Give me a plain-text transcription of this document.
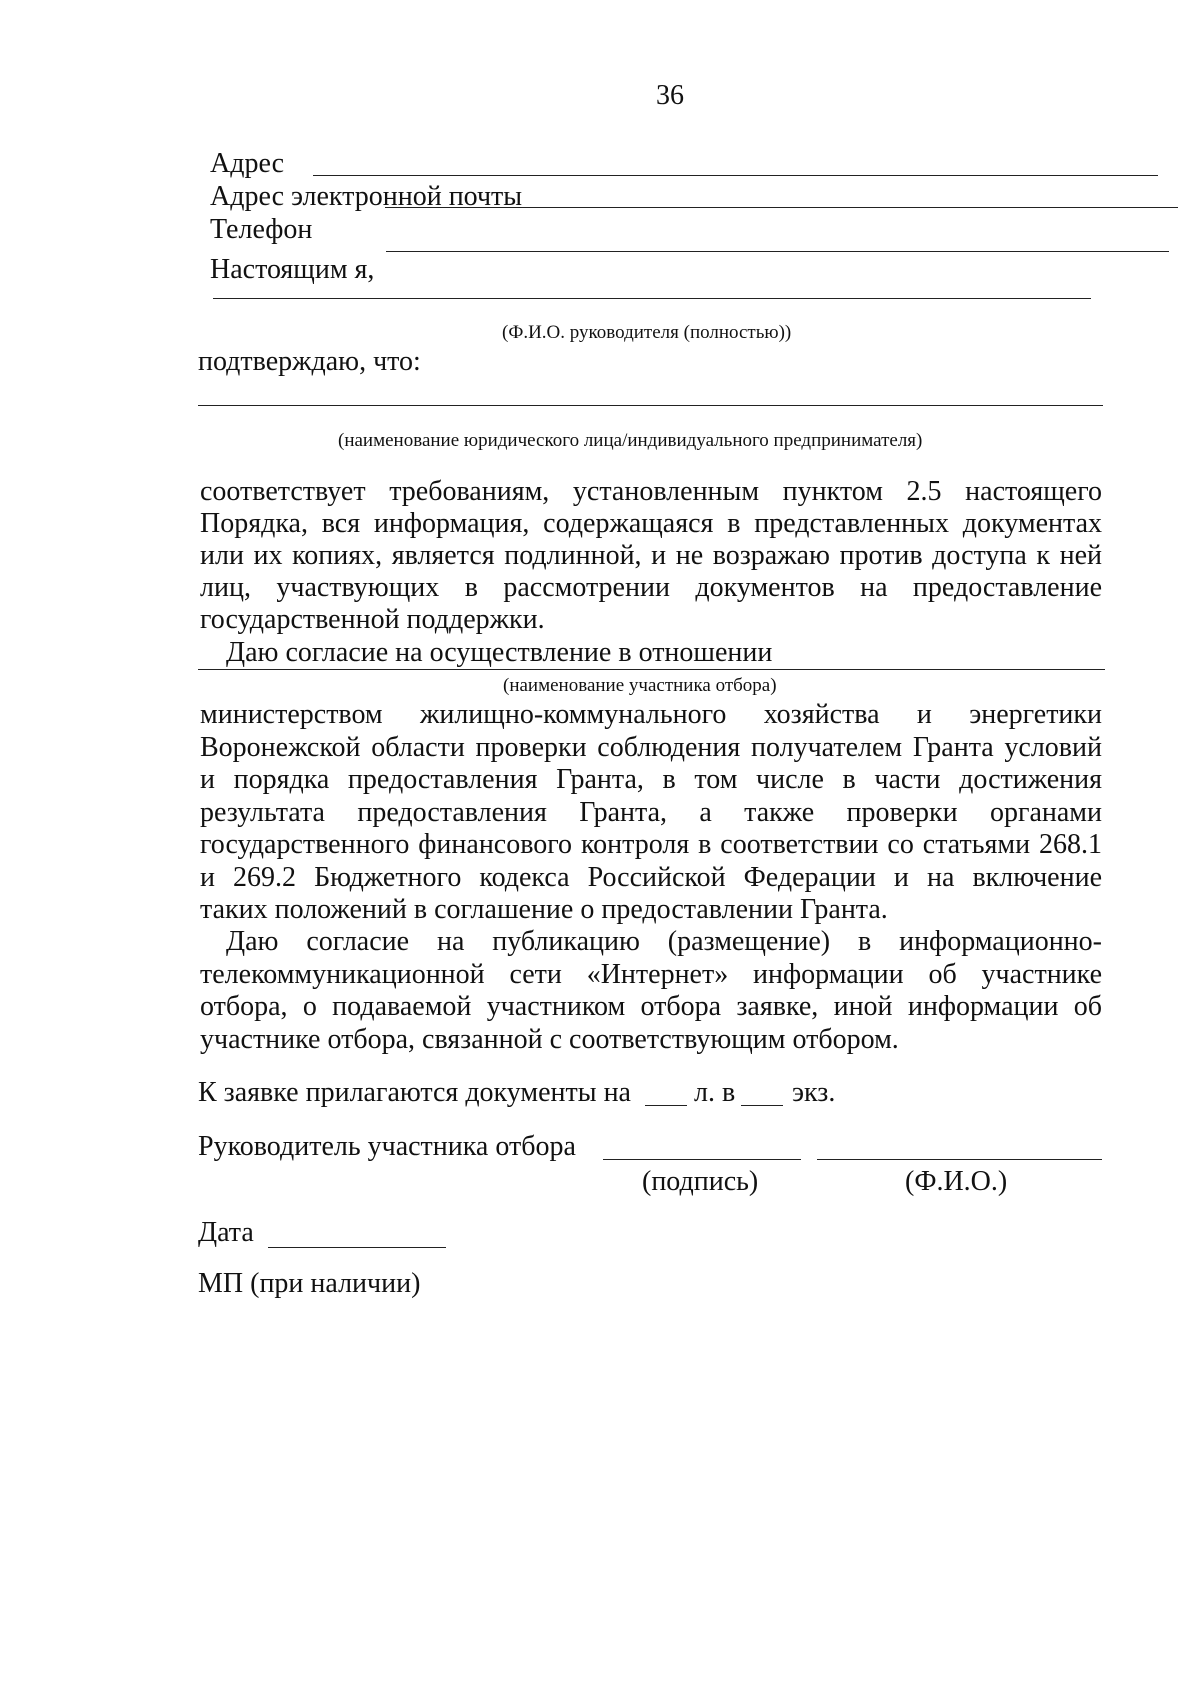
36
Адрес
Адрес электронной почты
Телефон
Настоящим я,
(Ф.И.О. руководителя (полностью))
подтверждаю, что:
(наименование юридического лица/индивидуального предпринимателя)
соответствует требованиям, установленным пунктом 2.5 настоящего
Порядка, вся информация, содержащаяся в представленных документах
или их копиях, является подлинной, и не возражаю против доступа к ней
лиц, участвующих в рассмотрении документов на предоставление
государственной поддержки.
Даю согласие на осуществление в отношении
(наименование участника отбора)
министерством жилищно-коммунального хозяйства и энергетики
Воронежской области проверки соблюдения получателем Гранта условий
и порядка предоставления Гранта, в том числе в части достижения
результата предоставления Гранта, а также проверки органами
государственного финансового контроля в соответствии со статьями 268.1
и 269.2 Бюджетного кодекса Российской Федерации и на включение
таких положений в соглашение о предоставлении Гранта.
Даю согласие на публикацию (размещение) в информационно-
телекоммуникационной сети «Интернет» информации об участнике
отбора, о подаваемой участником отбора заявке, иной информации об
участнике отбора, связанной с соответствующим отбором.
К заявке прилагаются документы на л. в экз.
Руководитель участника отбора
(подпись)	(Ф.И.О.)
Дата
МП (при наличии)
